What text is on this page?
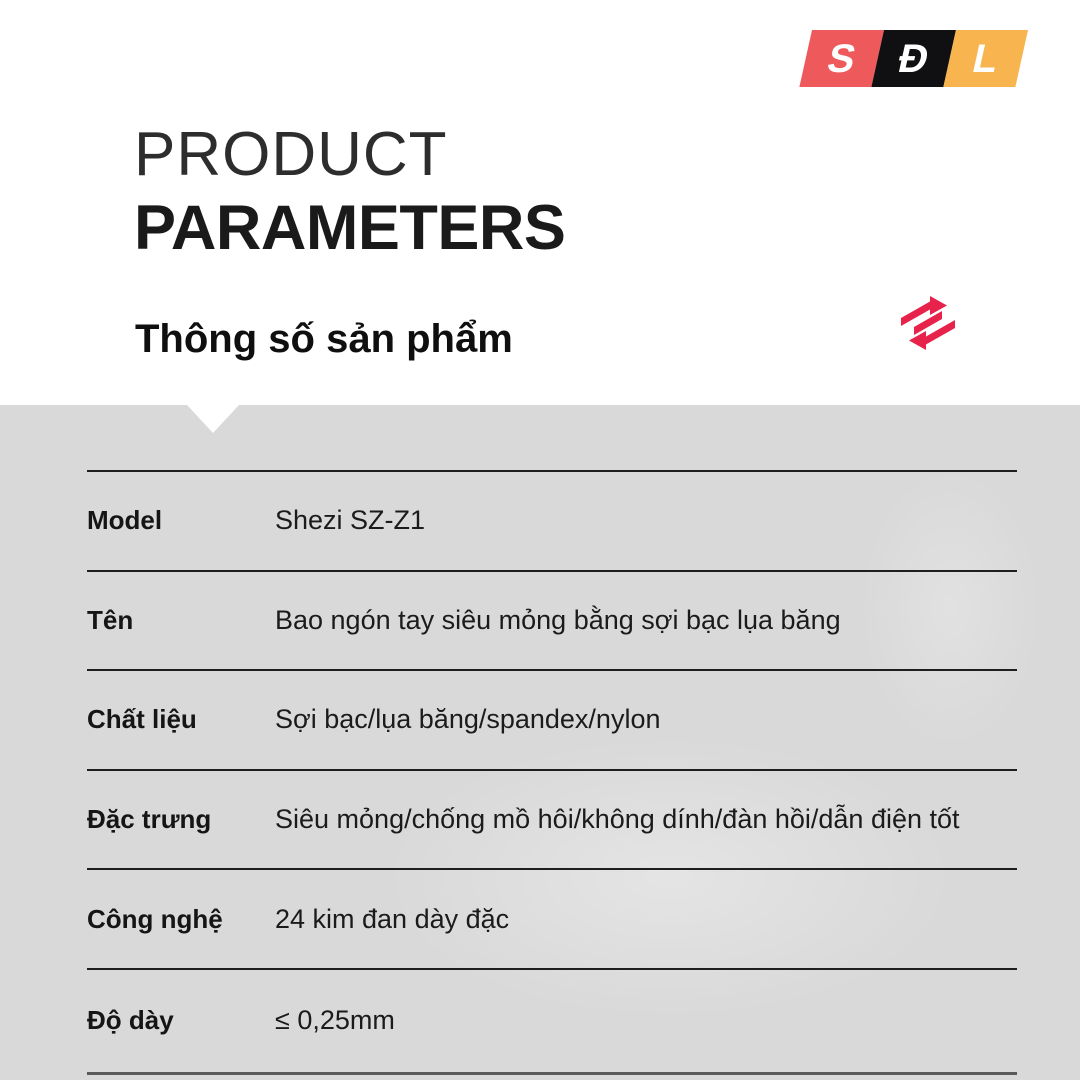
S Đ L
PRODUCT
PARAMETERS
Thông số sản phẩm
Model	Shezi SZ-Z1
Tên	Bao ngón tay siêu mỏng bằng sợi bạc lụa băng
Chất liệu	Sợi bạc/lụa băng/spandex/nylon
Đặc trưng	Siêu mỏng/chống mồ hôi/không dính/đàn hồi/dẫn điện tốt
Công nghệ	24 kim đan dày đặc
Độ dày	≤ 0,25mm
